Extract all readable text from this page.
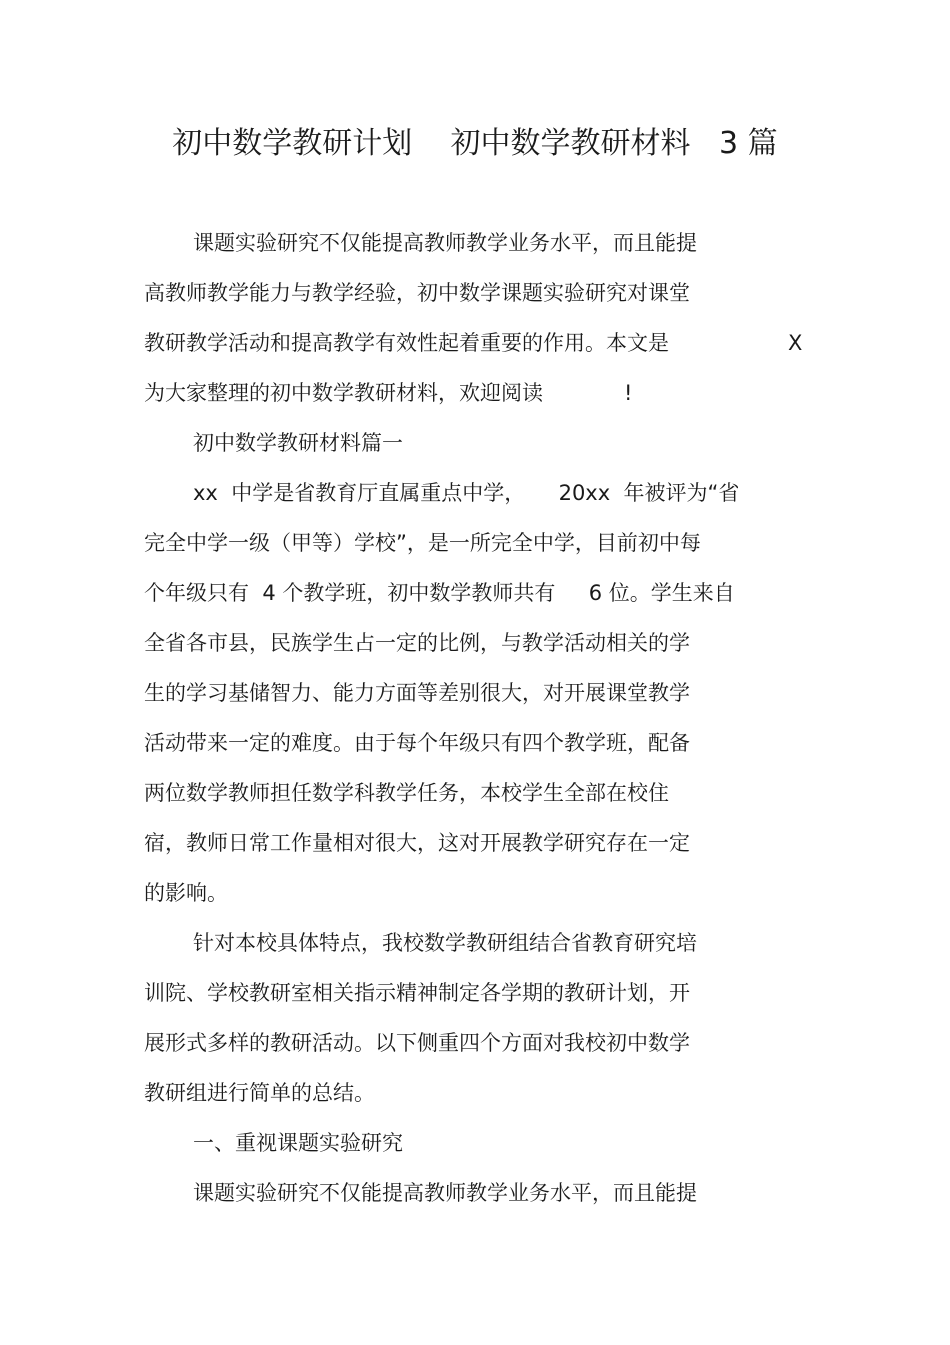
初中数学教研计划    初中数学教研材料   3 篇

课题实验研究不仅能提高教师教学业务水平，而且能提

高教师教学能力与教学经验，初中数学课题实验研究对课堂

教研教学活动和提高教学有效性起着重要的作用。本文是	X

为大家整理的初中数学教研材料，欢迎阅读	!

初中数学教研材料篇一

xx  中学是省教育厅直属重点中学，     20xx  年被评为“省

完全中学一级（甲等）学校”，是一所完全中学，目前初中每

个年级只有  4 个教学班，初中数学教师共有     6 位。学生来自

全省各市县，民族学生占一定的比例，与教学活动相关的学

生的学习基储智力、能力方面等差别很大，对开展课堂教学

活动带来一定的难度。由于每个年级只有四个教学班，配备

两位数学教师担任数学科教学任务，本校学生全部在校住

宿，教师日常工作量相对很大，这对开展教学研究存在一定

的影响。

针对本校具体特点，我校数学教研组结合省教育研究培

训院、学校教研室相关指示精神制定各学期的教研计划，开

展形式多样的教研活动。以下侧重四个方面对我校初中数学

教研组进行简单的总结。

一、重视课题实验研究

课题实验研究不仅能提高教师教学业务水平，而且能提
